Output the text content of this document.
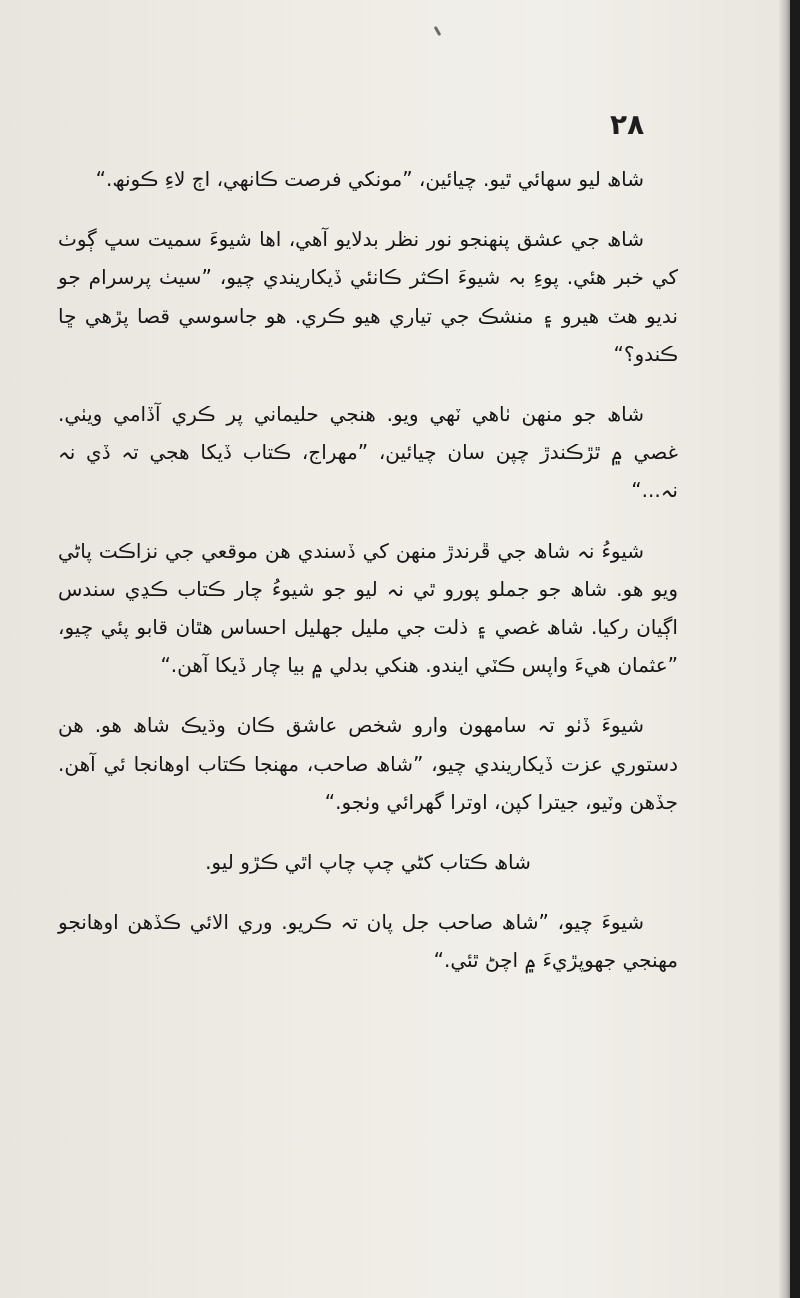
۲۸

شاھ ليو سھائي ٿيو. چيائين، ”مونکي فرصت ڪانھي، اڄ لاءِ ڪونھ.“

شاھ جي عشق پنھنجو نور نظر بدلايو آھي، اھا شيوءَ سميت سڀ ڳوٺ کي خبر ھئي. پوءِ بہ شيوءَ اڪثر ڪانئي ڏيکاريندي چيو، ”سيٺ پرسرام جو نديو ھٽ ھيرو ۽ منشڪ جي تياري ھيو ڪري. ھو جاسوسي قصا پڙھي ڇا ڪندو؟“

شاھ جو منھن ٺاھي ٽھي ويو. ھنجي حليماني پر ڪري آڏامي ويٺي. غصي ۾ ٿڙڪندڙ چپن سان چيائين، ”مھراج، ڪتاب ڏيکا ھجي تہ ڏي نہ نہ...“

شيوءُ نہ شاھ جي ڦرندڙ منھن کي ڏسندي ھن موقعي جي نزاڪت پاڻي ويو ھو. شاھ جو جملو پورو ٿي نہ ليو جو شيوءُ چار ڪتاب ڪڍي سندس اڳيان رکيا. شاھ غصي ۽ ذلت جي مليل جھليل احساس ھٿان قابو پئي چيو، ”عثمان ھيءَ واپس ڪٽي ايندو. ھنکي بدلي ۾ بيا چار ڏيکا آھن.“

شيوءَ ڏٺو تہ سامھون وارو شخص عاشق ڪان وڌيڪ شاھ ھو. ھن دستوري عزت ڏيکاريندي چيو، ”شاھ صاحب، مھنجا ڪتاب اوھانجا ئي آھن. جڏھن وٽيو، جيترا کپن، اوترا گھرائي وٺجو.“

شاھ ڪتاب کڻي چپ چاپ اٿي ڪڙو ليو.

شيوءَ چيو، ”شاھ صاحب جل پان تہ ڪريو. وري الائي ڪڏھن اوھانجو مھنجي جھوپڙيءَ ۾ اچڻ ٿئي.“
